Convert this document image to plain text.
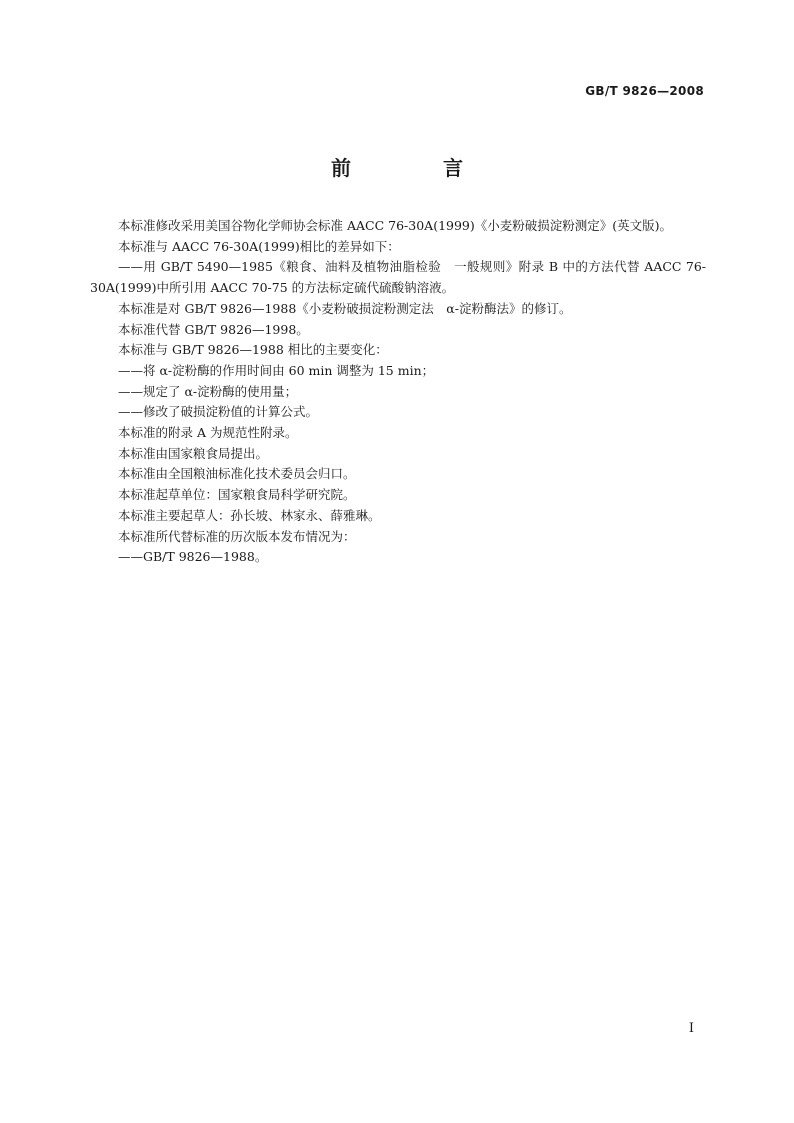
GB/T 9826—2008
前　言

本标准修改采用美国谷物化学师协会标准 AACC 76-30A(1999)《小麦粉破损淀粉测定》(英文版)。

本标准与 AACC 76-30A(1999)相比的差异如下：

——用 GB/T 5490—1985《粮食、油料及植物油脂检验　一般规则》附录 B 中的方法代替 AACC 76-30A(1999)中所引用 AACC 70-75 的方法标定硫代硫酸钠溶液。

本标准是对 GB/T 9826—1988《小麦粉破损淀粉测定法　α-淀粉酶法》的修订。

本标准代替 GB/T 9826—1998。

本标准与 GB/T 9826—1988 相比的主要变化：

——将 α-淀粉酶的作用时间由 60 min 调整为 15 min；

——规定了 α-淀粉酶的使用量；

——修改了破损淀粉值的计算公式。

本标准的附录 A 为规范性附录。

本标准由国家粮食局提出。

本标准由全国粮油标准化技术委员会归口。

本标准起草单位：国家粮食局科学研究院。

本标准主要起草人：孙长坡、林家永、薛雅琳。

本标准所代替标准的历次版本发布情况为：

——GB/T 9826—1988。

I
